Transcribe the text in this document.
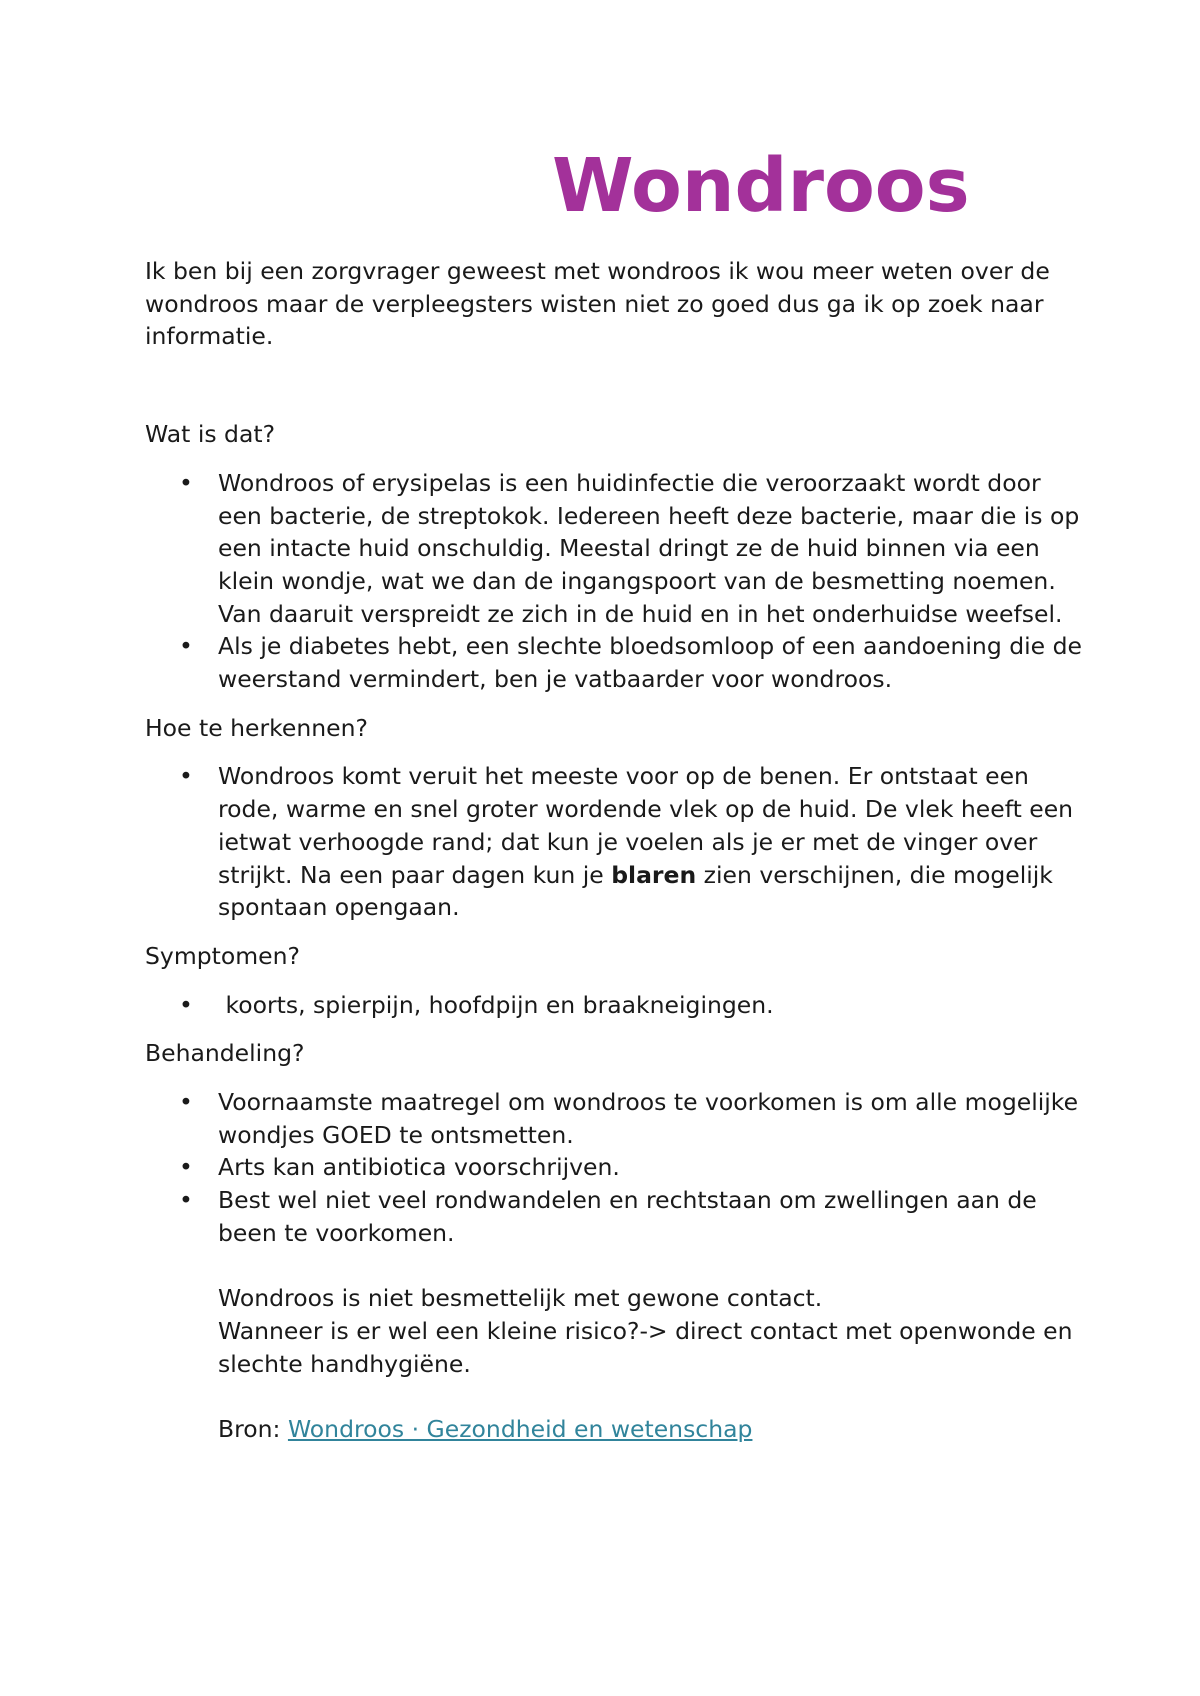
Wondroos

Ik ben bij een zorgvrager geweest met wondroos ik wou meer weten over de wondroos maar de verpleegsters wisten niet zo goed dus ga ik op zoek naar informatie.

Wat is dat?

• Wondroos of erysipelas is een huidinfectie die veroorzaakt wordt door een bacterie, de streptokok. Iedereen heeft deze bacterie, maar die is op een intacte huid onschuldig. Meestal dringt ze de huid binnen via een klein wondje, wat we dan de ingangspoort van de besmetting noemen. Van daaruit verspreidt ze zich in de huid en in het onderhuidse weefsel.
• Als je diabetes hebt, een slechte bloedsomloop of een aandoening die de weerstand vermindert, ben je vatbaarder voor wondroos.

Hoe te herkennen?

• Wondroos komt veruit het meeste voor op de benen. Er ontstaat een rode, warme en snel groter wordende vlek op de huid. De vlek heeft een ietwat verhoogde rand; dat kun je voelen als je er met de vinger over strijkt. Na een paar dagen kun je blaren zien verschijnen, die mogelijk spontaan opengaan.

Symptomen?

• koorts, spierpijn, hoofdpijn en braakneigingen.

Behandeling?

• Voornaamste maatregel om wondroos te voorkomen is om alle mogelijke wondjes GOED te ontsmetten.
• Arts kan antibiotica voorschrijven.
• Best wel niet veel rondwandelen en rechtstaan om zwellingen aan de been te voorkomen.

Wondroos is niet besmettelijk met gewone contact.

Wanneer is er wel een kleine risico?-> direct contact met openwonde en slechte handhygiëne.

Bron: Wondroos · Gezondheid en wetenschap
